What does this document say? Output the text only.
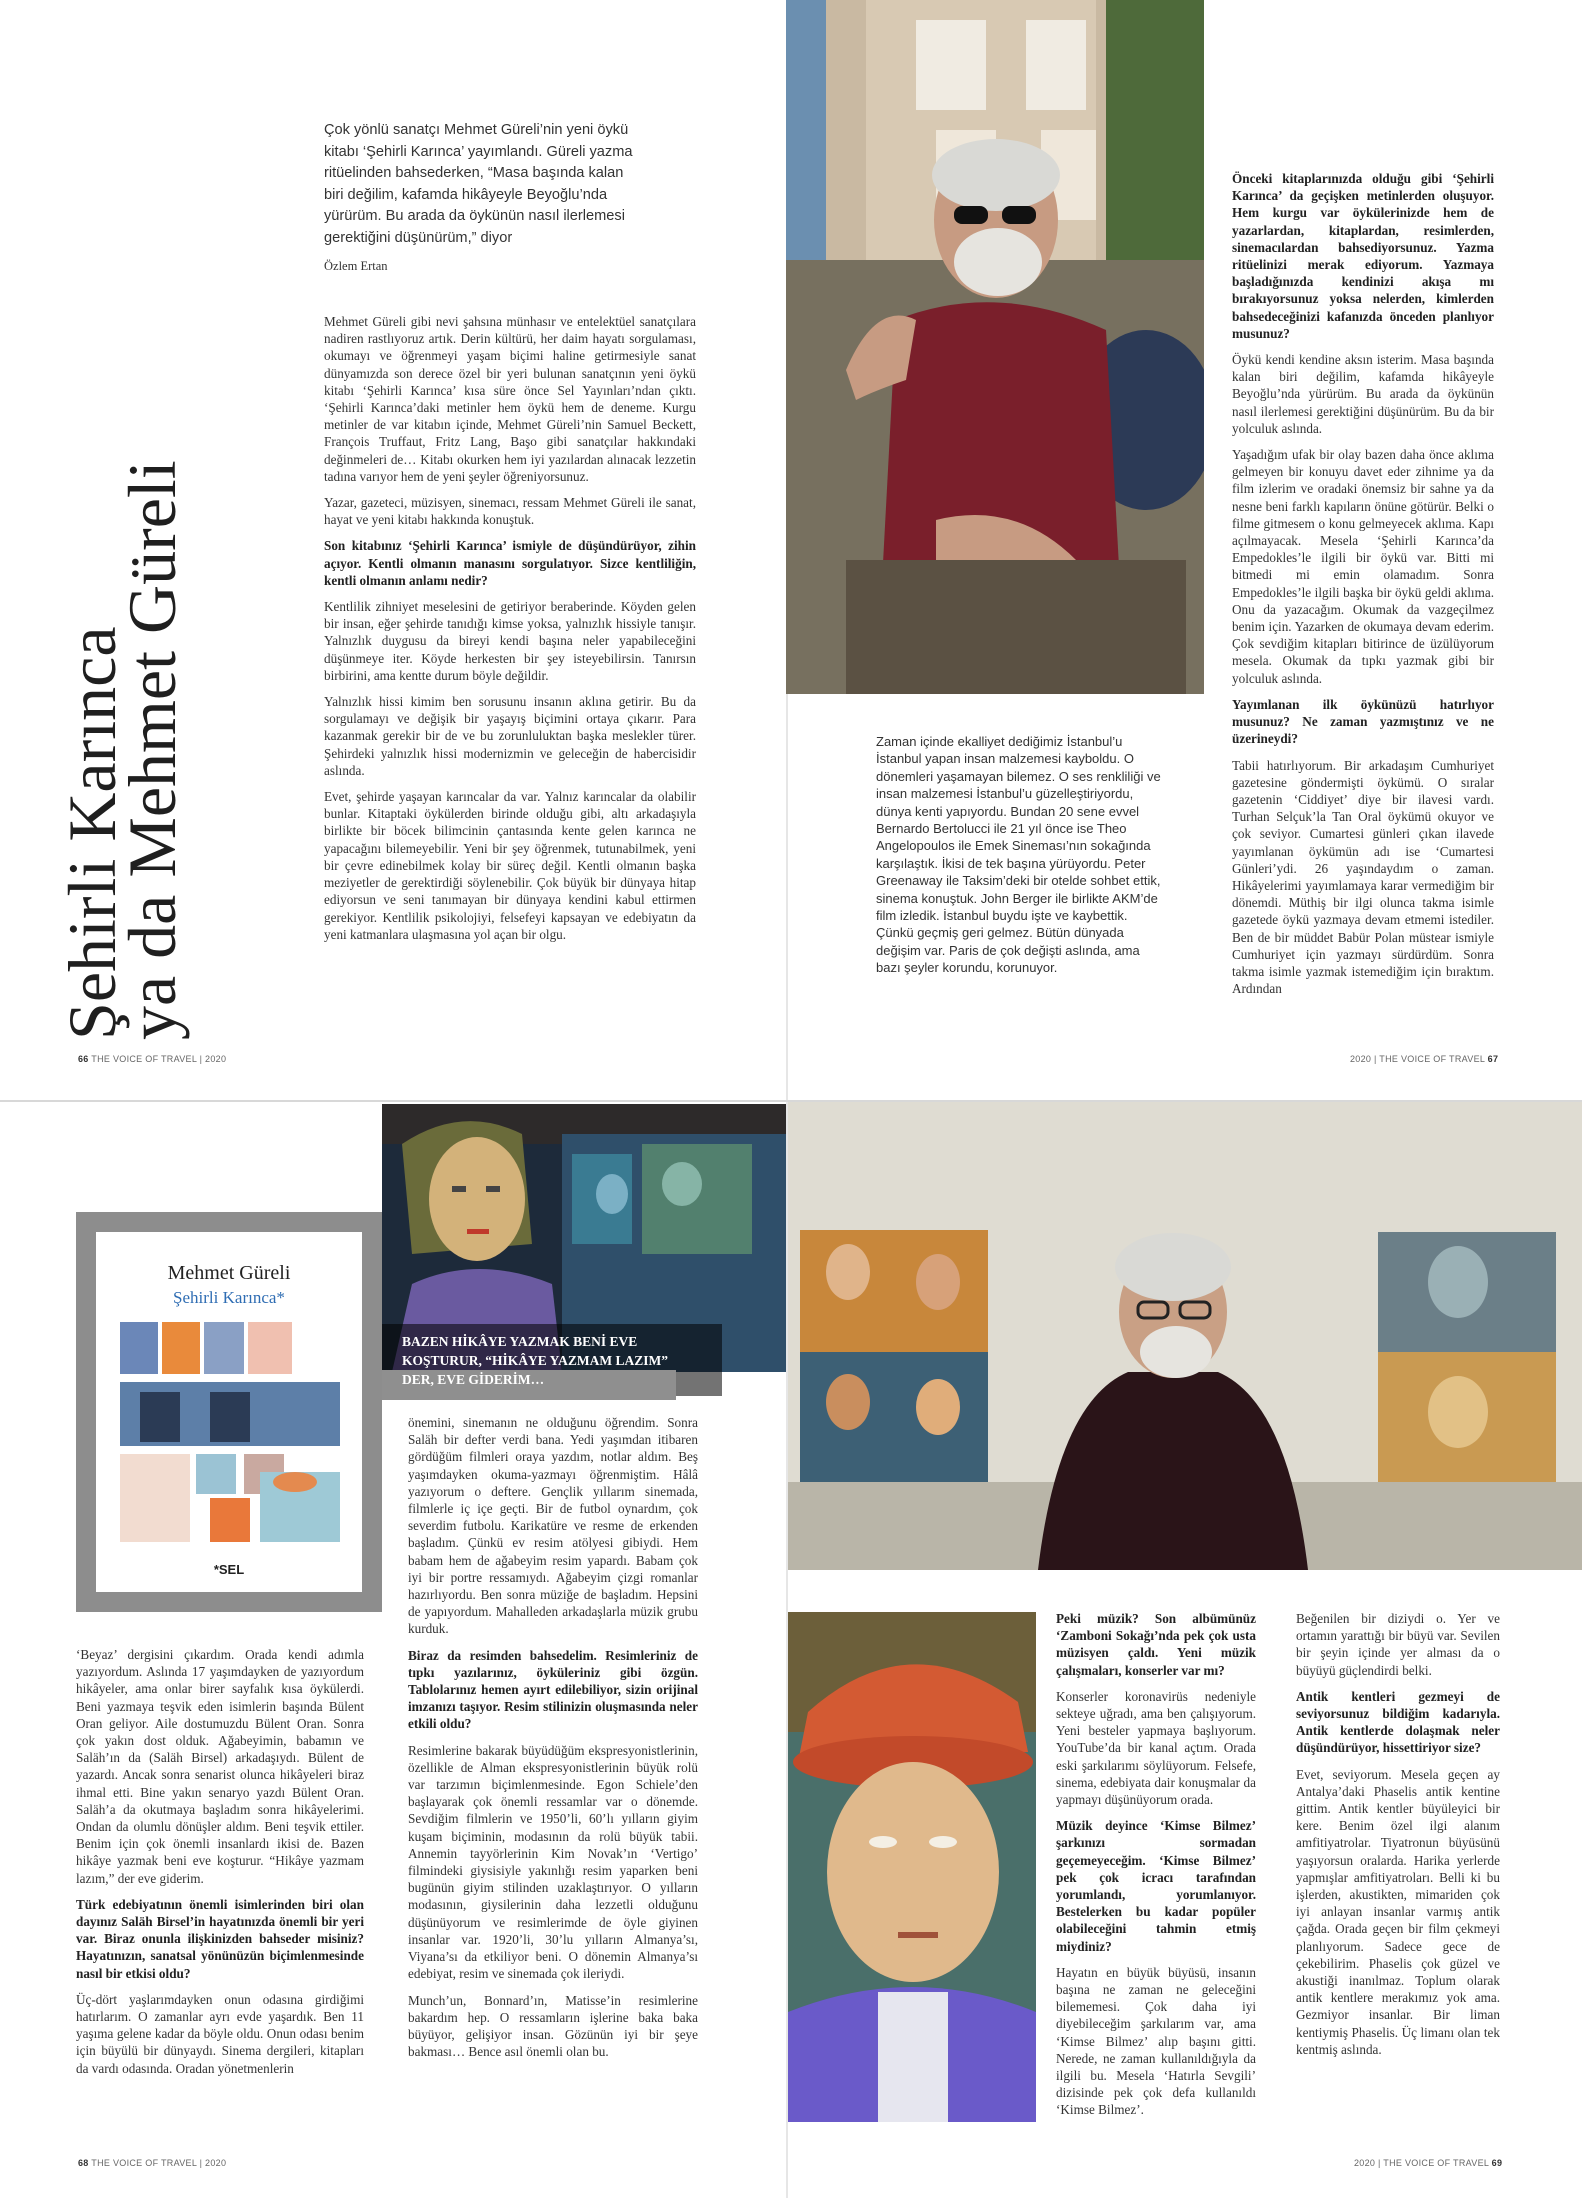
Şehirli Karınca
ya da Mehmet Güreli
Çok yönlü sanatçı Mehmet Güreli’nin yeni öykü kitabı ‘Şehirli Karınca’ yayımlandı. Güreli yazma ritüelinden bahsederken, “Masa başında kalan biri değilim, kafamda hikâyeyle Beyoğlu’nda yürürüm. Bu arada da öykünün nasıl ilerlemesi gerektiğini düşünürüm,” diyor
Özlem Ertan

Mehmet Güreli gibi nevi şahsına münhasır ve entelektüel sanatçılara nadiren rastlıyoruz artık. Derin kültürü, her daim hayatı sorgulaması, okumayı ve öğrenmeyi yaşam biçimi haline getirmesiyle sanat dünyamızda son derece özel bir yeri bulunan sanatçının yeni öykü kitabı ‘Şehirli Karınca’ kısa süre önce Sel Yayınları’ndan çıktı. ‘Şehirli Karınca’daki metinler hem öykü hem de deneme. Kurgu metinler de var kitabın içinde, Mehmet Güreli’nin Samuel Beckett, François Truffaut, Fritz Lang, Başo gibi sanatçılar hakkındaki değinmeleri de… Kitabı okurken hem iyi yazılardan alınacak lezzetin tadına varıyor hem de yeni şeyler öğreniyorsunuz.

Yazar, gazeteci, müzisyen, sinemacı, ressam Mehmet Güreli ile sanat, hayat ve yeni kitabı hakkında konuştuk.

Son kitabınız ‘Şehirli Karınca’ ismiyle de düşündürüyor, zihin açıyor. Kentli olmanın manasını sorgulatıyor. Sizce kentliliğin, kentli olmanın anlamı nedir?

Kentlilik zihniyet meselesini de getiriyor beraberinde. Köyden gelen bir insan, eğer şehirde tanıdığı kimse yoksa, yalnızlık hissiyle tanışır. Yalnızlık duygusu da bireyi kendi başına neler yapabileceğini düşünmeye iter. Köyde herkesten bir şey isteyebilirsin. Tanırsın birbirini, ama kentte durum böyle değildir.

Yalnızlık hissi kimim ben sorusunu insanın aklına getirir. Bu da sorgulamayı ve değişik bir yaşayış biçimini ortaya çıkarır. Para kazanmak gerekir bir de ve bu zorunluluktan başka meslekler türer. Şehirdeki yalnızlık hissi modernizmin ve geleceğin de habercisidir aslında.

Evet, şehirde yaşayan karıncalar da var. Yalnız karıncalar da olabilir bunlar. Kitaptaki öykülerden birinde olduğu gibi, altı arkadaşıyla birlikte bir böcek bilimcinin çantasında kente gelen karınca ne yapacağını bilemeyebilir. Yeni bir şey öğrenmek, tutunabilmek, yeni bir çevre edinebilmek kolay bir süreç değil. Kentli olmanın başka meziyetler de gerektirdiği söylenebilir. Çok büyük bir dünyaya hitap ediyorsun ve seni tanımayan bir dünyaya kendini kabul ettirmen gerekiyor. Kentlilik psikolojiyi, felsefeyi kapsayan ve edebiyatın da yeni katmanlara ulaşmasına yol açan bir olgu.

Zaman içinde ekalliyet dediğimiz İstanbul’u İstanbul yapan insan malzemesi kayboldu. O dönemleri yaşamayan bilemez. O ses renkliliği ve insan malzemesi İstanbul’u güzelleştiriyordu, dünya kenti yapıyordu. Bundan 20 sene evvel Bernardo Bertolucci ile 21 yıl önce ise Theo Angelopoulos ile Emek Sineması’nın sokağında karşılaştık. İkisi de tek başına yürüyordu. Peter Greenaway ile Taksim’deki bir otelde sohbet ettik, sinema konuştuk. John Berger ile birlikte AKM’de film izledik. İstanbul buydu işte ve kaybettik. Çünkü geçmiş geri gelmez. Bütün dünyada değişim var. Paris de çok değişti aslında, ama bazı şeyler korundu, korunuyor.

Önceki kitaplarınızda olduğu gibi ‘Şehirli Karınca’ da geçişken metinlerden oluşuyor. Hem kurgu var öykülerinizde hem de yazarlardan, kitaplardan, resimlerden, sinemacılardan bahsediyorsunuz. Yazma ritüelinizi merak ediyorum. Yazmaya başladığınızda kendinizi akışa mı bırakıyorsunuz yoksa nelerden, kimlerden bahsedeceğinizi kafanızda önceden planlıyor musunuz?

Öykü kendi kendine aksın isterim. Masa başında kalan biri değilim, kafamda hikâyeyle Beyoğlu’nda yürürüm. Bu arada da öykünün nasıl ilerlemesi gerektiğini düşünürüm. Bu da bir yolculuk aslında.

Yaşadığım ufak bir olay bazen daha önce aklıma gelmeyen bir konuyu davet eder zihnime ya da film izlerim ve oradaki önemsiz bir sahne ya da nesne beni farklı kapıların önüne götürür. Belki o filme gitmesem o konu gelmeyecek aklıma. Kapı açılmayacak. Mesela ‘Şehirli Karınca’da Empedokles’le ilgili bir öykü var. Bitti mi bitmedi mi emin olamadım. Sonra Empedokles’le ilgili başka bir öykü geldi aklıma. Onu da yazacağım. Okumak da vazgeçilmez benim için. Yazarken de okumaya devam ederim. Çok sevdiğim kitapları bitirince de üzülüyorum mesela. Okumak da tıpkı yazmak gibi bir yolculuk aslında.

Yayımlanan ilk öykünüzü hatırlıyor musunuz? Ne zaman yazmıştınız ve ne üzerineydi?

Tabii hatırlıyorum. Bir arkadaşım Cumhuriyet gazetesine göndermişti öykümü. O sıralar gazetenin ‘Ciddiyet’ diye bir ilavesi vardı. Turhan Selçuk’la Tan Oral öykümü okuyor ve çok seviyor. Cumartesi günleri çıkan ilavede yayımlanan öykümün adı ise ‘Cumartesi Günleri’ydi. 26 yaşındaydım o zaman. Hikâyelerimi yayımlamaya karar vermediğim bir dönemdi. Müthiş bir ilgi olunca takma isimle gazetede öykü yazmaya devam etmemi istediler. Ben de bir müddet Babür Polan müstear ismiyle Cumhuriyet için yazmayı sürdürdüm. Sonra takma isimle yazmak istemediğim için bıraktım. Ardından

66 THE VOICE OF TRAVEL | 2020	2020 | THE VOICE OF TRAVEL 67
BAZEN HİKÂYE YAZMAK BENİ EVE KOŞTURUR, “HİKÂYE YAZMAM LAZIM” DER, EVE GİDERİM…
Mehmet Güreli
Şehirli Karınca*
*SEL

‘Beyaz’ dergisini çıkardım. Orada kendi adımla yazıyordum. Aslında 17 yaşımdayken de yazıyordum hikâyeler, ama onlar birer sayfalık kısa öykülerdi. Beni yazmaya teşvik eden isimlerin başında Bülent Oran geliyor. Aile dostumuzdu Bülent Oran. Sonra çok yakın dost olduk. Ağabeyimin, babamın ve Saläh’ın da (Saläh Birsel) arkadaşıydı. Bülent de yazardı. Ancak sonra senarist olunca hikâyeleri biraz ihmal etti. Bine yakın senaryo yazdı Bülent Oran. Saläh’a da okutmaya başladım sonra hikâyelerimi. Ondan da olumlu dönüşler aldım. Beni teşvik ettiler. Benim için çok önemli insanlardı ikisi de. Bazen hikâye yazmak beni eve koşturur. “Hikâye yazmam lazım,” der eve giderim.

Türk edebiyatının önemli isimlerinden biri olan dayınız Saläh Birsel’in hayatınızda önemli bir yeri var. Biraz onunla ilişkinizden bahseder misiniz? Hayatınızın, sanatsal yönünüzün biçimlenmesinde nasıl bir etkisi oldu?

Üç-dört yaşlarımdayken onun odasına girdiğimi hatırlarım. O zamanlar ayrı evde yaşardık. Ben 11 yaşıma gelene kadar da böyle oldu. Onun odası benim için büyülü bir dünyaydı. Sinema dergileri, kitapları da vardı odasında. Oradan yönetmenlerin

önemini, sinemanın ne olduğunu öğrendim. Sonra Saläh bir defter verdi bana. Yedi yaşımdan itibaren gördüğüm filmleri oraya yazdım, notlar aldım. Beş yaşımdayken okuma-yazmayı öğrenmiştim. Hâlâ yazıyorum o deftere. Gençlik yıllarım sinemada, filmlerle iç içe geçti. Bir de futbol oynardım, çok severdim futbolu. Karikatüre ve resme de erkenden başladım. Çünkü ev resim atölyesi gibiydi. Hem babam hem de ağabeyim resim yapardı. Babam çok iyi bir portre ressamıydı. Ağabeyim çizgi romanlar hazırlıyordu. Ben sonra müziğe de başladım. Hepsini de yapıyordum. Mahalleden arkadaşlarla müzik grubu kurduk.

Biraz da resimden bahsedelim. Resimleriniz de tıpkı yazılarınız, öyküleriniz gibi özgün. Tablolarınız hemen ayırt edilebiliyor, sizin orijinal imzanızı taşıyor. Resim stilinizin oluşmasında neler etkili oldu?

Resimlerine bakarak büyüdüğüm ekspresyonistlerinin, özellikle de Alman ekspresyonistlerinin büyük rolü var tarzımın biçimlenmesinde. Egon Schiele’den başlayarak çok önemli ressamlar var o dönemde. Sevdiğim filmlerin ve 1950’li, 60’lı yılların giyim kuşam biçiminin, modasının da rolü büyük tabii. Annemin tayyörlerinin Kim Novak’ın ‘Vertigo’ filmindeki giysisiyle yakınlığı resim yaparken beni bugünün giyim stilinden uzaklaştırıyor. O yılların modasının, giysilerinin daha lezzetli olduğunu düşünüyorum ve resimlerimde de öyle giyinen insanlar var. 1920’li, 30’lu yılların Almanya’sı, Viyana’sı da etkiliyor beni. O dönemin Almanya’sı edebiyat, resim ve sinemada çok ileriydi.

Munch’un, Bonnard’ın, Matisse’in resimlerine bakardım hep. O ressamların işlerine baka baka büyüyor, gelişiyor insan. Gözünün iyi bir şeye bakması… Bence asıl önemli olan bu.

Peki müzik? Son albümünüz ‘Zamboni Sokağı’nda pek çok usta müzisyen çaldı. Yeni müzik çalışmaları, konserler var mı?

Konserler koronavirüs nedeniyle sekteye uğradı, ama ben çalışıyorum. Yeni besteler yapmaya başlıyorum. YouTube’da bir kanal açtım. Orada eski şarkılarımı söylüyorum. Felsefe, sinema, edebiyata dair konuşmalar da yapmayı düşünüyorum orada.

Müzik deyince ‘Kimse Bilmez’ şarkınızı sormadan geçemeyeceğim. ‘Kimse Bilmez’ pek çok icracı tarafından yorumlandı, yorumlanıyor. Bestelerken bu kadar popüler olabileceğini tahmin etmiş miydiniz?

Hayatın en büyük büyüsü, insanın başına ne zaman ne geleceğini bilememesi. Çok daha iyi diyebileceğim şarkılarım var, ama ‘Kimse Bilmez’ alıp başını gitti. Nerede, ne zaman kullanıldığıyla da ilgili bu. Mesela ‘Hatırla Sevgili’ dizisinde pek çok defa kullanıldı ‘Kimse Bilmez’.

Beğenilen bir diziydi o. Yer ve ortamın yarattığı bir büyü var. Sevilen bir şeyin içinde yer alması da o büyüyü güçlendirdi belki.

Antik kentleri gezmeyi de seviyorsunuz bildiğim kadarıyla. Antik kentlerde dolaşmak neler düşündürüyor, hissettiriyor size?

Evet, seviyorum. Mesela geçen ay Antalya’daki Phaselis antik kentine gittim. Antik kentler büyüleyici bir kere. Benim özel ilgi alanım amfitiyatrolar. Tiyatronun büyüsünü yaşıyorsun oralarda. Harika yerlerde yapmışlar amfitiyatroları. Belli ki bu işlerden, akustikten, mimariden çok iyi anlayan insanlar varmış antik çağda. Orada geçen bir film çekmeyi planlıyorum. Sadece gece de çekebilirim. Phaselis çok güzel ve akustiği inanılmaz. Toplum olarak antik kentlere merakımız yok ama. Gezmiyor insanlar. Bir liman kentiymiş Phaselis. Üç limanı olan tek kentmiş aslında.

68 THE VOICE OF TRAVEL | 2020	2020 | THE VOICE OF TRAVEL 69
